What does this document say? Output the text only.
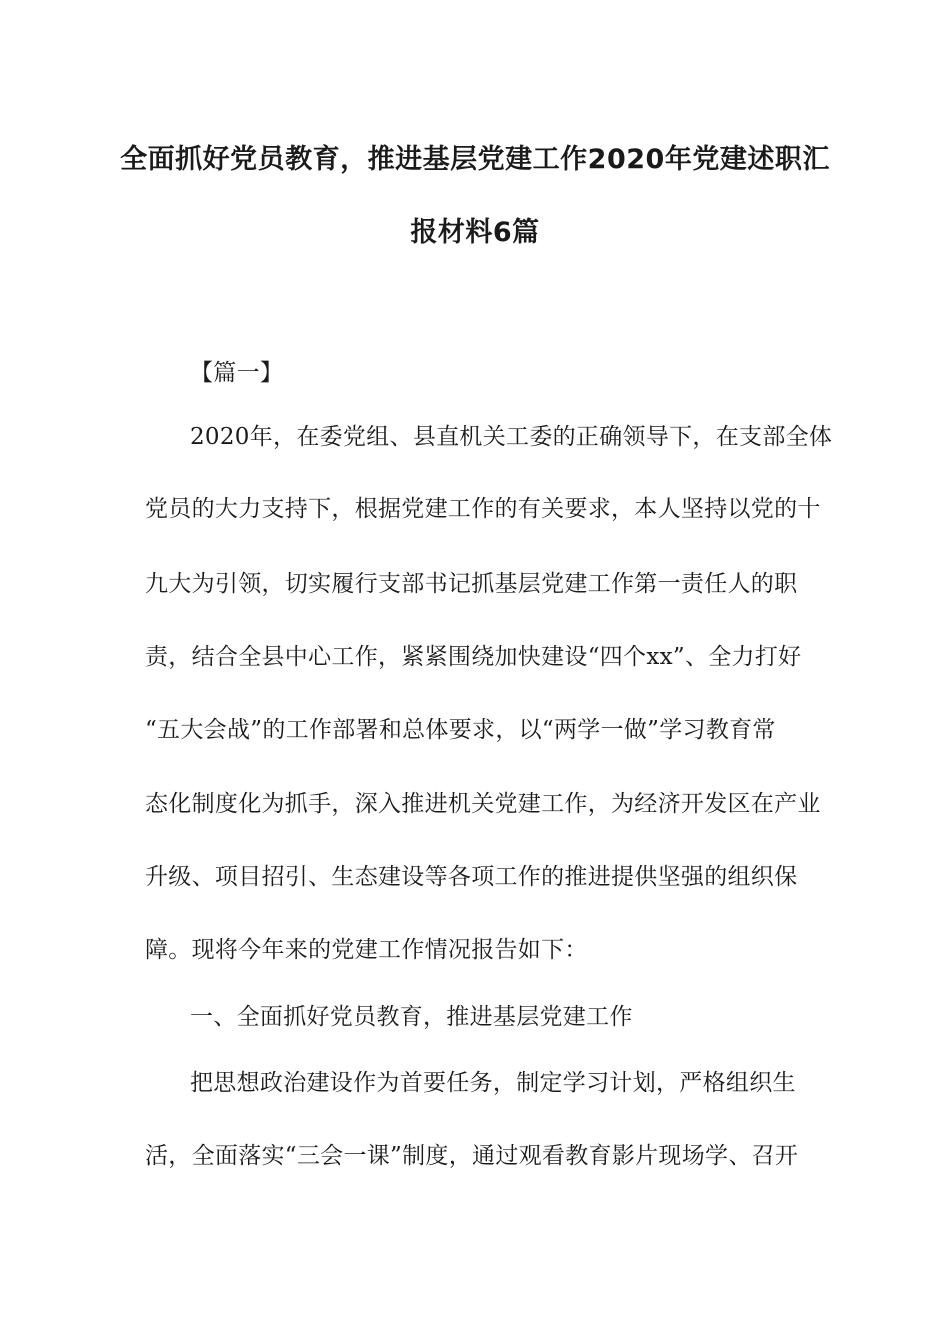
全面抓好党员教育，推进基层党建工作2020年党建述职汇
报材料6篇
【篇一】
2020年，在委党组、县直机关工委的正确领导下，在支部全体
党员的大力支持下，根据党建工作的有关要求，本人坚持以党的十
九大为引领，切实履行支部书记抓基层党建工作第一责任人的职
责，结合全县中心工作，紧紧围绕加快建设“四个xx”、全力打好
“五大会战”的工作部署和总体要求，以“两学一做”学习教育常
态化制度化为抓手，深入推进机关党建工作，为经济开发区在产业
升级、项目招引、生态建设等各项工作的推进提供坚强的组织保
障。现将今年来的党建工作情况报告如下：
一、全面抓好党员教育，推进基层党建工作
把思想政治建设作为首要任务，制定学习计划，严格组织生
活，全面落实“三会一课”制度，通过观看教育影片现场学、召开
